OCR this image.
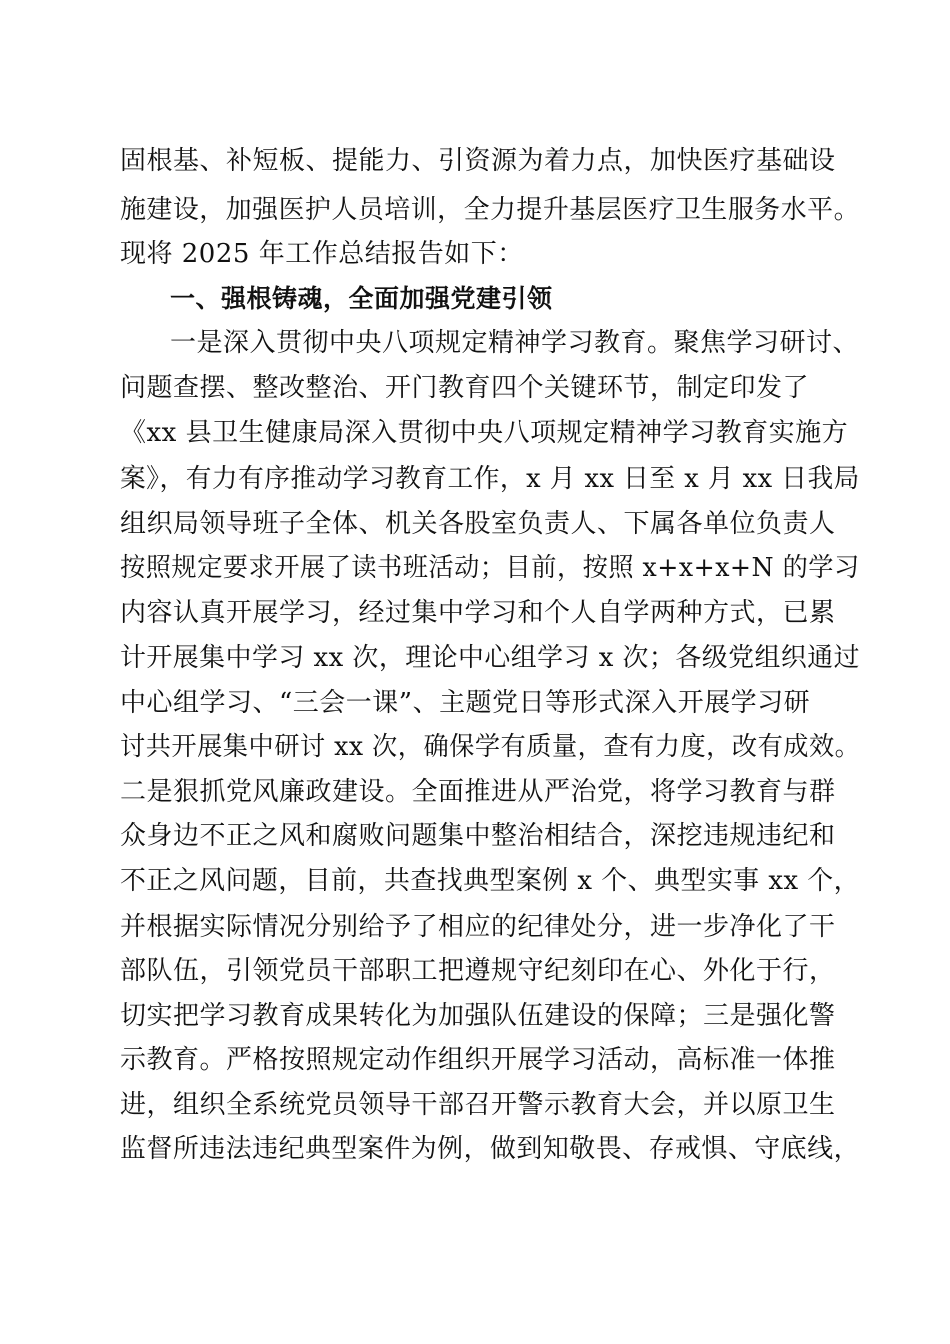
固根基、补短板、提能力、引资源为着力点，加快医疗基础设
施建设，加强医护人员培训，全力提升基层医疗卫生服务水平。
现将 2025 年工作总结报告如下：
一、强根铸魂，全面加强党建引领
一是深入贯彻中央八项规定精神学习教育。聚焦学习研讨、
问题查摆、整改整治、开门教育四个关键环节，制定印发了
《xx 县卫生健康局深入贯彻中央八项规定精神学习教育实施方
案》，有力有序推动学习教育工作，x 月 xx 日至 x 月 xx 日我局
组织局领导班子全体、机关各股室负责人、下属各单位负责人
按照规定要求开展了读书班活动；目前，按照 x+x+x+N 的学习
内容认真开展学习，经过集中学习和个人自学两种方式，已累
计开展集中学习 xx 次，理论中心组学习 x 次；各级党组织通过
中心组学习、“三会一课”、主题党日等形式深入开展学习研
讨共开展集中研讨 xx 次，确保学有质量，查有力度，改有成效。
二是狠抓党风廉政建设。全面推进从严治党，将学习教育与群
众身边不正之风和腐败问题集中整治相结合，深挖违规违纪和
不正之风问题，目前，共查找典型案例 x 个、典型实事 xx 个，
并根据实际情况分别给予了相应的纪律处分，进一步净化了干
部队伍，引领党员干部职工把遵规守纪刻印在心、外化于行，
切实把学习教育成果转化为加强队伍建设的保障；三是强化警
示教育。严格按照规定动作组织开展学习活动，高标准一体推
进，组织全系统党员领导干部召开警示教育大会，并以原卫生
监督所违法违纪典型案件为例，做到知敬畏、存戒惧、守底线，
